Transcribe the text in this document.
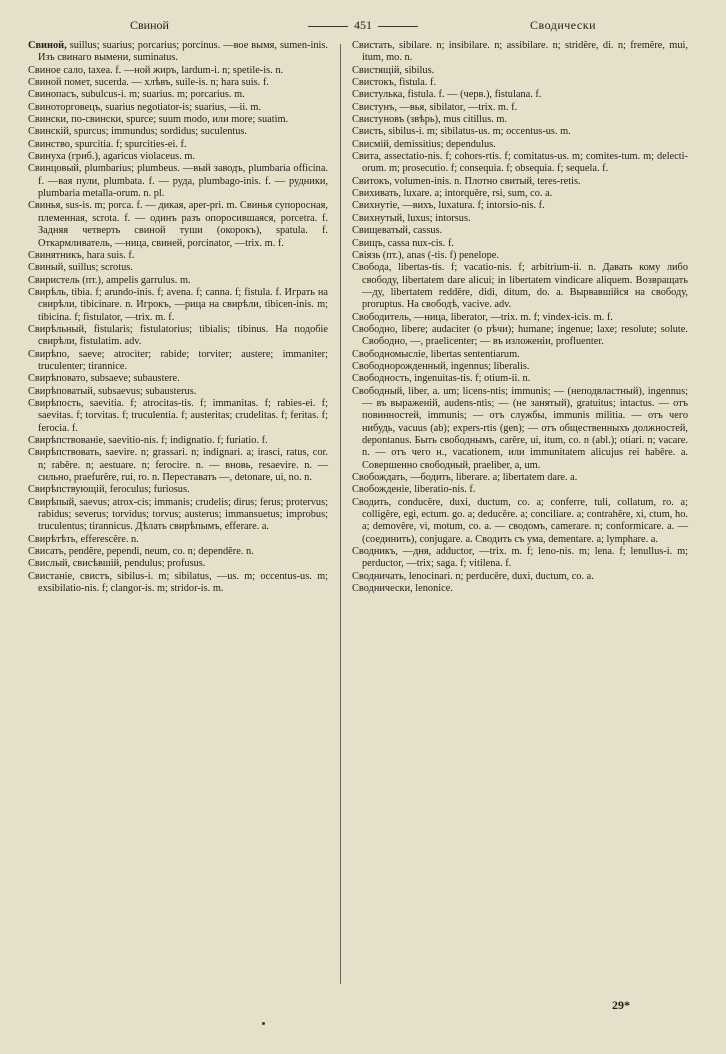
Свиной	451	Сводически

Свиной, suillus; suarius; porcarius; porcinus. —вое вымя, sumen-inis. Изъ свинаго вымени, suminatus.

Свиное сало, taxea. f. —ной жиръ, lardum-i. n; spetile-is. n.

Свиной помет, sucerda. — хлѣвъ, suile-is. n; hara suis. f.

Свинопасъ, subulcus-i. m; suarius. m; porcarius. m.

Свиноторговецъ, suarius negotiator-is; suarius, —ii. m.

Свински, по-свински, spurcе; suum modo, или more; suatim.

Свинскій, spurcus; immundus; sordidus; suculentus.

Свинство, spurcitia. f; spurcities-ei. f.

Свинуха (гриб.), agaricus violaceus. m.

Свинцовый, plumbarius; plumbeus. —вый заводъ, plumbaria officina. f. —вая пули, plumbata. f. — руда, plumbago-inis. f. — рудники, plumbaria metalla-orum. n. pl.

Свинья, sus-is. m; porca. f. — дикая, aper-pri. m. Свинья супоросная, племенная, scrota. f. — одинъ разъ опоросившаяся, porcetra. f. Задняя четверть свиной туши (окорокъ), spatula. f. Откармливатель, —ница, свиней, porcinator, —trix. m. f.

Свинятникъ, hara suis. f.

Свиный, suillus; scrotus.

Свиристель (пт.), ampelis garrulus. m.

Свирѣль, tibia. f; arundo-inis. f; avena. f; canna. f; fistula. f. Играть на свирѣли, tibicinare. n. Игрокъ, —рица на свирѣли, tibicen-inis. m; tibicina. f; fistulator, —trix. m. f.

Свирѣльный, fistularis; fistulatorius; tibialis; tibinus. На подобіе свирѣли, fistulatim. adv.

Свирѣпо, saeve; atrociter; rabide; torviter; austere; immaniter; truculenter; tirannice.

Свирѣповато, subsaeve; subaustere.

Свирѣповатый, subsaevus; subausterus.

Свирѣпость, saevitia. f; atrocitas-tis. f; immanitas. f; rabies-ei. f; saevitas. f; torvitas. f; truculentia. f; austeritas; crudelitas. f; feritas. f; ferocia. f.

Свирѣпствованіе, saevitio-nis. f; indignatio. f; furiatio. f.

Свирѣпствовать, saevire. n; grassari. n; indignari. a; irasci, ratus, cor. n; rabĕre. n; aestuare. n; ferocire. n. — вновь, resaevire. n. — сильно, praefurĕre, rui, ro. n. Переставать —, detonare, ui, no. n.

Свирѣпствующій, feroculus; furiosus.

Свирѣпый, saevus; atrox-cis; immanis; crudelis; dirus; ferus; protervus; rabidus; severus; torvidus; torvus; austerus; immansuetus; improbus; truculentus; tirannicus. Дѣлать свирѣпымъ, efferare. a.

Свирѣтѣть, efferescĕre. n.

Свисать, pendĕre, pependi, neum, co. n; dependĕre. n.

Свислый, свисѣвшій, pendulus; profusus.

Свистаніе, свистъ, sibilus-i. m; sibilatus, —us. m; occentus-us. m; exsibilatio-nis. f; clangor-is. m; stridor-is. m.

Свистать, sibilare. n; insibilare. n; assibilare. n; stridĕre, di. n; fremĕre, mui, itum, mo. n.

Свистящій, sibilus.

Свистокъ, fistula. f.

Свистулька, fistula. f. — (черв.), fistulana. f.

Свистунъ, —вья, sibilator, —trix. m. f.

Свистуновъ (звѣрь), mus citillus. m.

Свисть, sibilus-i. m; sibilatus-us. m; occentus-us. m.

Свисмій, demissitius; dependulus.

Свита, assectatio-nis. f; cohors-rtis. f; comitatus-us. m; comites-tum. m; delecti-orum. m; prosecutio. f; consequia. f; obsequia. f; sequela. f.

Свитокъ, volumen-inis. n. Плотно свитый, teres-retis.

Свихивать, luxare. a; intorquĕre, rsi, sum, co. a.

Свихнутіе, —вихъ, luxatura. f; intorsio-nis. f.

Свихнутый, luxus; intorsus.

Свищеватый, cassus.

Свищъ, cassa nux-cis. f.

Свіязь (пт.), anas (-tis. f) penelope.

Свобода, libertas-tis. f; vacatio-nis. f; arbitrium-ii. n. Давать кому либо свободу, libertatem dare alicui; in libertatem vindicare aliquem. Возвращать —ду, libertatem reddĕre, didi, ditum, do. a. Вырвавшійся на свободу, proruptus. На свободѣ, vacive. adv.

Свободитель, —ница, liberator, —trix. m. f; vindex-icis. m. f.

Свободно, libere; audaciter (о рѣчи); humane; ingenue; laxe; resolute; solute. Свободно, —, praelicenter; — въ изложеніи, profluenter.

Свободномысліе, libertas sententiarum.

Свободнорожденный, ingennus; liberalis.

Свободность, ingenuitas-tis. f; otium-ii. n.

Свободный, liber, a. um; licens-ntis; immunis; — (неподвластный), ingennus; — въ выраженій, audens-ntis; — (не занятый), gratuitus; intactus. — отъ повинностей, immunis; — отъ службы, immunis militia. — отъ чего нибудь, vacuus (ab); expers-rtis (gen); — отъ общественныхъ должностей, depontanus. Быть свободнымъ, carĕre, ui, itum, co. n (abl.); otiari. n; vacare. n. — отъ чего н., vacationem, или immunitatem alicujus rei habĕre. a. Совершенно свободный, praeliber, a, um.

Свобождать, —бодить, liberare. a; libertatem dare. a.

Свобожденіе, liberatio-nis. f.

Сводить, conducĕre, duxi, ductum, co. a; conferre, tuli, collatum, ro. a; colligĕre, egi, ectum. go. a; deducĕre. a; conciliare. a; contrahĕre, xi, ctum, ho. a; demovĕre, vi, motum, co. a. — сводомъ, camerare. n; conformicare. a. — (соединить), conjugare. a. Сводить съ ума, dementare. a; lymphare. a.

Сводникъ, —дня, adductor, —trix. m. f; leno-nis. m; lena. f; lenullus-i. m; perductor, —trix; saga. f; vitilena. f.

Сводничать, lenocinari. n; perducĕre, duxi, ductum, co. a.

Своднически, lenonice.

29*
